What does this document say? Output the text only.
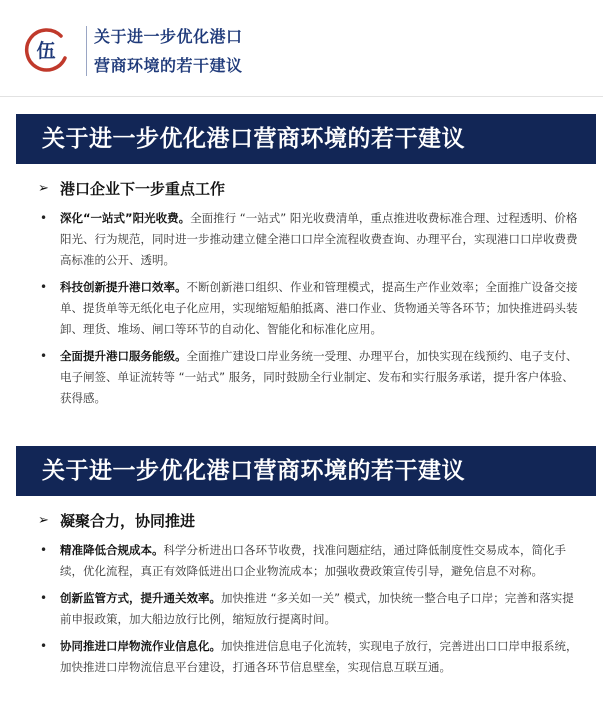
伍
关于进一步优化港口
营商环境的若干建议
关于进一步优化港口营商环境的若干建议
➢ 港口企业下一步重点工作
• 深化“一站式”阳光收费。全面推行 “一站式” 阳光收费清单，重点推进收费标准合理、过程透明、价格阳光、行为规范，同时进一步推动建立健全港口口岸全流程收费查询、办理平台，实现港口口岸收费费高标准的公开、透明。
• 科技创新提升港口效率。不断创新港口组织、作业和管理模式，提高生产作业效率；全面推广设备交接单、提货单等无纸化电子化应用，实现缩短船舶抵离、港口作业、货物通关等各环节；加快推进码头装卸、理货、堆场、闸口等环节的自动化、智能化和标准化应用。
• 全面提升港口服务能级。全面推广建设口岸业务统一受理、办理平台，加快实现在线预约、电子支付、电子闸签、单证流转等 “一站式” 服务，同时鼓励全行业制定、发布和实行服务承诺，提升客户体验、获得感。
关于进一步优化港口营商环境的若干建议
➢ 凝聚合力，协同推进
• 精准降低合规成本。科学分析进出口各环节收费，找准问题症结，通过降低制度性交易成本，简化手续，优化流程，真正有效降低进出口企业物流成本；加强收费政策宣传引导，避免信息不对称。
• 创新监管方式，提升通关效率。加快推进 “多关如一关” 模式，加快统一整合电子口岸；完善和落实提前申报政策，加大船边放行比例，缩短放行提离时间。
• 协同推进口岸物流作业信息化。加快推进信息电子化流转，实现电子放行，完善进出口口岸申报系统，加快推进口岸物流信息平台建设，打通各环节信息壁垒，实现信息互联互通。
